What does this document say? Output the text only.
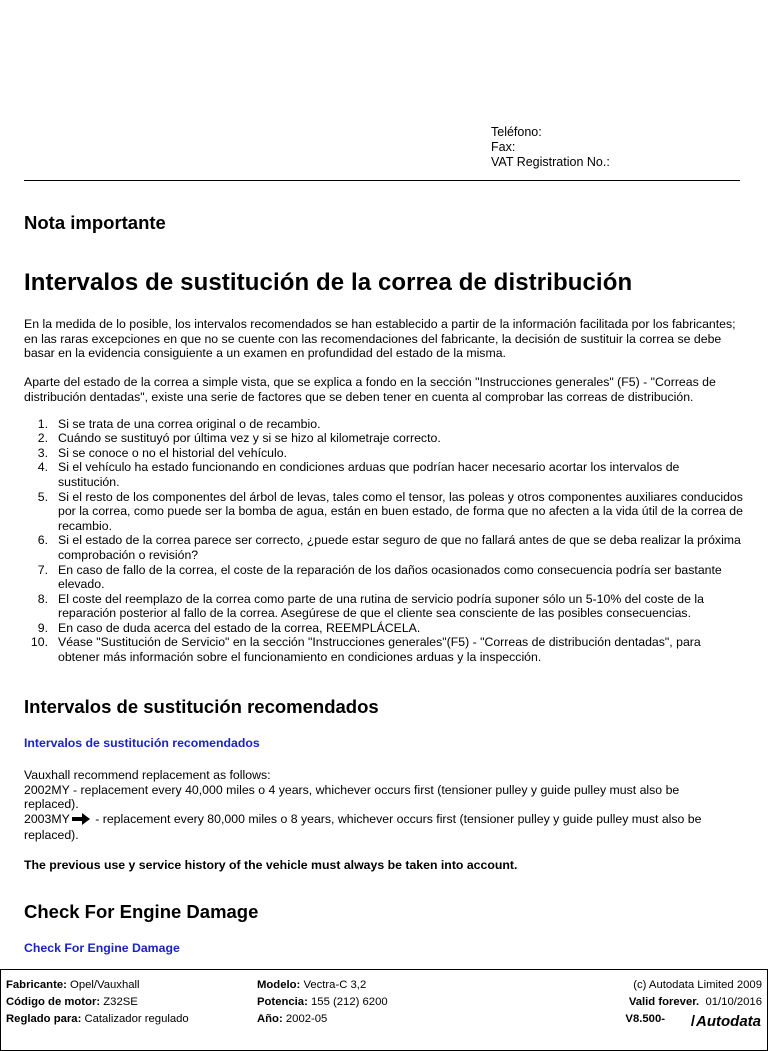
Teléfono:
Fax:
VAT Registration No.:
Nota importante
Intervalos de sustitución de la correa de distribución

En la medida de lo posible, los intervalos recomendados se han establecido a partir de la información facilitada por los fabricantes; en las raras excepciones en que no se cuente con las recomendaciones del fabricante, la decisión de sustituir la correa se debe basar en la evidencia consiguiente a un examen en profundidad del estado de la misma.

Aparte del estado de la correa a simple vista, que se explica a fondo en la sección "Instrucciones generales" (F5) - "Correas de distribución dentadas", existe una serie de factores que se deben tener en cuenta al comprobar las correas de distribución.

1. Si se trata de una correa original o de recambio.
2. Cuándo se sustituyó por última vez y si se hizo al kilometraje correcto.
3. Si se conoce o no el historial del vehículo.
4. Si el vehículo ha estado funcionando en condiciones arduas que podrían hacer necesario acortar los intervalos de sustitución.
5. Si el resto de los componentes del árbol de levas, tales como el tensor, las poleas y otros componentes auxiliares conducidos por la correa, como puede ser la bomba de agua, están en buen estado, de forma que no afecten a la vida útil de la correa de recambio.
6. Si el estado de la correa parece ser correcto, ¿puede estar seguro de que no fallará antes de que se deba realizar la próxima comprobación o revisión?
7. En caso de fallo de la correa, el coste de la reparación de los daños ocasionados como consecuencia podría ser bastante elevado.
8. El coste del reemplazo de la correa como parte de una rutina de servicio podría suponer sólo un 5-10% del coste de la reparación posterior al fallo de la correa. Asegúrese de que el cliente sea consciente de las posibles consecuencias.
9. En caso de duda acerca del estado de la correa, REEMPLÁCELA.
10. Véase "Sustitución de Servicio" en la sección "Instrucciones generales"(F5) - "Correas de distribución dentadas", para obtener más información sobre el funcionamiento en condiciones arduas y la inspección.
Intervalos de sustitución recomendados
Intervalos de sustitución recomendados

Vauxhall recommend replacement as follows:

2002MY - replacement every 40,000 miles o 4 years, whichever occurs first (tensioner pulley y guide pulley must also be replaced).

2003MY - replacement every 80,000 miles o 8 years, whichever occurs first (tensioner pulley y guide pulley must also be replaced).

The previous use y service history of the vehicle must always be taken into account.

Check For Engine Damage
Check For Engine Damage
Fabricante: Opel/Vauxhall
Código de motor: Z32SE
Reglado para: Catalizador regulado
Modelo: Vectra-C 3,2
Potencia: 155 (212) 6200
Año: 2002-05
(c) Autodata Limited 2009
Valid forever. 01/10/2016
V8.500- /Autodata
